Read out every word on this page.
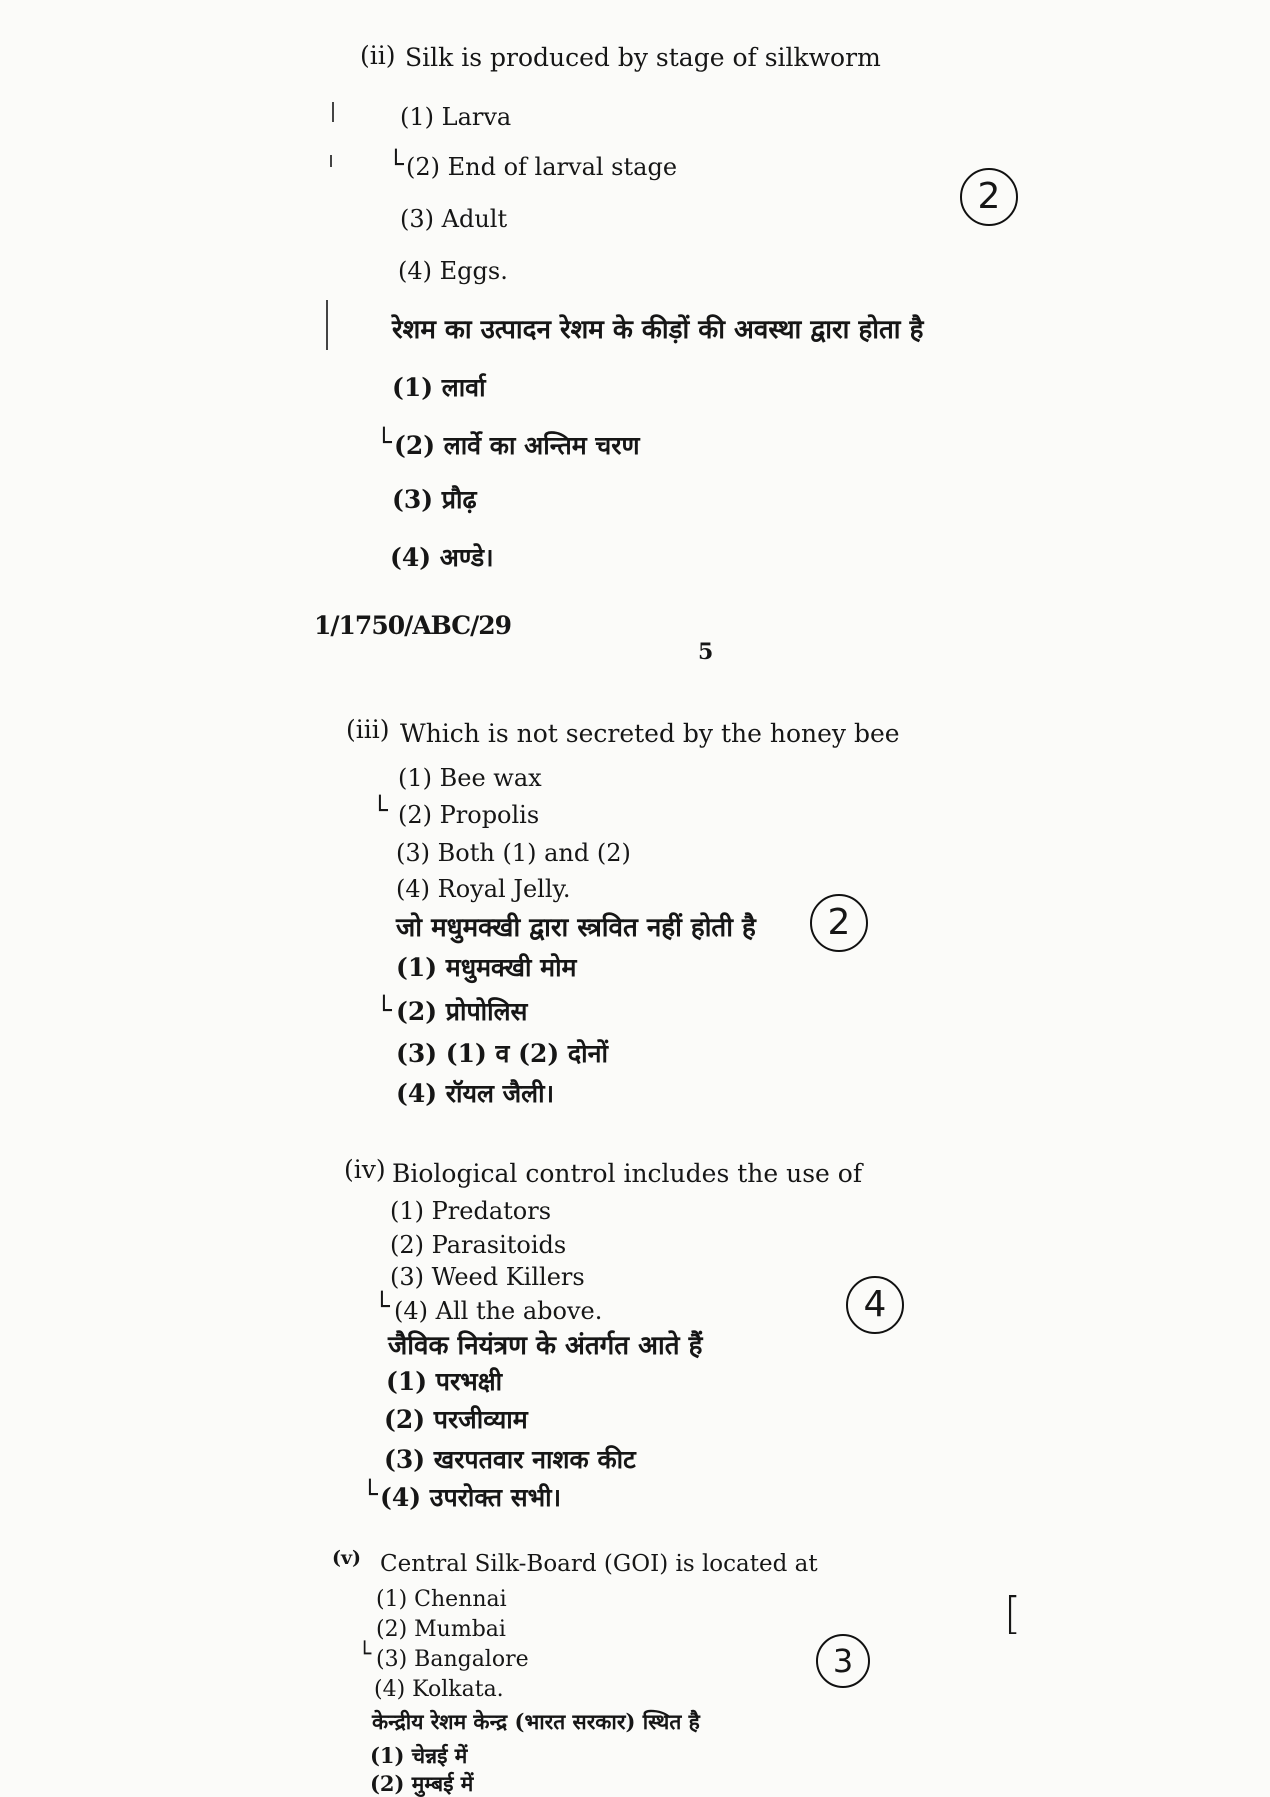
(ii) Silk is produced by stage of silkworm
(1) Larva
└ (2) End of larval stage
(3) Adult
(4) Eggs.
2
रेशम का उत्पादन रेशम के कीड़ों की अवस्था द्वारा होता है
(1) लार्वा
└ (2) लार्वे का अन्तिम चरण
(3) प्रौढ़
(4) अण्डे।
1/1750/ABC/29
5
(iii) Which is not secreted by the honey bee
(1) Bee wax
└ (2) Propolis
(3) Both (1) and (2)
(4) Royal Jelly.
2
जो मधुमक्खी द्वारा स्त्रवित नहीं होती है
(1) मधुमक्खी मोम
└ (2) प्रोपोलिस
(3) (1) व (2) दोनों
(4) रॉयल जैली।
(iv) Biological control includes the use of
(1) Predators
(2) Parasitoids
(3) Weed Killers
└ (4) All the above.	4
जैविक नियंत्रण के अंतर्गत आते हैं
(1) परभक्षी
(2) परजीव्याम
(3) खरपतवार नाशक कीट
└ (4) उपरोक्त सभी।
(v) Central Silk-Board (GOI) is located at
(1) Chennai
(2) Mumbai
└ (3) Bangalore
(4) Kolkata.
3
[
केन्द्रीय रेशम केन्द्र (भारत सरकार) स्थित है
(1) चेन्नई में
(2) मुम्बई में
